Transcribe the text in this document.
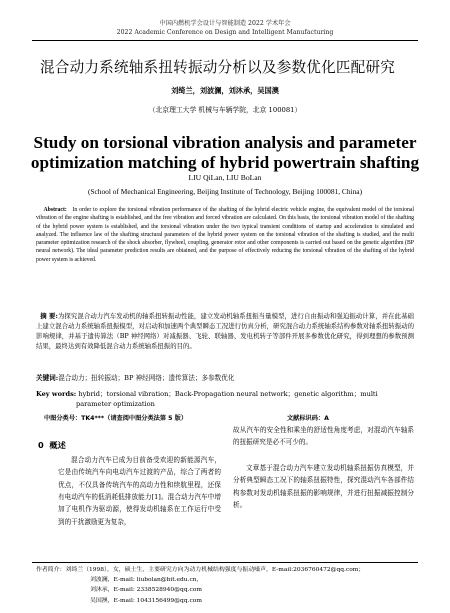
中国内燃机学会设计与智能制造 2022 学术年会
2022 Academic Conference on Design and Intelligent Manufacturing
混合动力系统轴系扭转振动分析以及参数优化匹配研究
刘绮兰，刘波澜，刘沐承，吴国澳
（北京理工大学 机械与车辆学院，北京 100081）
Study on torsional vibration analysis and parameter
optimization matching of hybrid powertrain shafting
LIU QiLan, LIU BoLan
(School of Mechanical Engineering, Beijing Institute of Technology, Beijing 100081, China)
Abstract: In order to explore the torsional vibration performance of the shafting of the hybrid electric vehicle engine, the equivalent model of the torsional vibration of the engine shafting is established, and the free vibration and forced vibration are calculated. On this basis, the torsional vibration model of the shafting of the hybrid power system is established, and the torsional vibration under the two typical transient conditions of startup and acceleration is simulated and analyzed. The influence law of the shafting structural parameters of the hybrid power system on the torsional vibration of the shafting is studied, and the multi parameter optimization research of the shock absorber, flywheel, coupling, generator rotor and other components is carried out based on the genetic algorithm (BP neural network). The ideal parameter prediction results are obtained, and the purpose of effectively reducing the torsional vibration of the shafting of the hybrid power system is achieved.
摘 要:为探究混合动力汽车发动机的轴系扭转振动性能，建立发动机轴系扭振当量模型，进行自由振动和强迫振动计算，并在此基础上建立混合动力系统轴系扭振模型，对启动和加速两个典型瞬态工况进行仿真分析，研究混合动力系统轴系结构参数对轴系扭转振动的影响规律，并基于遗传算法（BP 神经网络）对减振器、飞轮、联轴器、发电机转子等部件开展多参数优化研究，得到理想的参数预测结果，最终达到有效降低混合动力系统轴系扭振的目的。
关键词:混合动力；扭转振动；BP 神经网络；遗传算法；多参数优化
Key words: hybrid；torsional vibration；Back-Propagation neural network；genetic algorithm；multi parameter optimization
中图分类号：TK4***（请查阅中图分类法第 5 版）	文献标识码：A
0 概述
混合动力汽车已成为目前备受欢迎的新能源汽车，它是由传统汽车向电动汽车过渡的产品，综合了两者的优点，不仅具备传统汽车的高动力性和续航里程，还保有电动汽车的低消耗低排放能力[1]。混合动力汽车中增加了电机作为驱动源，使得发动机轴系在工作运行中受到的干扰激励更为复杂，
故从汽车的安全性和乘坐的舒适性角度考虑，对混动汽车轴系的扭振研究是必不可少的。
文章基于混合动力汽车建立发动机轴系扭振仿真模型，并分析典型瞬态工况下的轴系扭振特性，探究混动汽车各部件结构参数对发动机轴系扭振的影响规律，并进行扭振减振控制分析。
作者简介：刘绮兰（1998），女，硕士生，主要研究方向为动力机械结构强度与振动噪声，E-mail:2036760472@qq.com；
刘波澜，E-mail: liubolan@bit.edu.cn，
刘沐承，E-mail: 2338528940@qq.com
吴国澳，E-mail: 1043156499@qq.com
